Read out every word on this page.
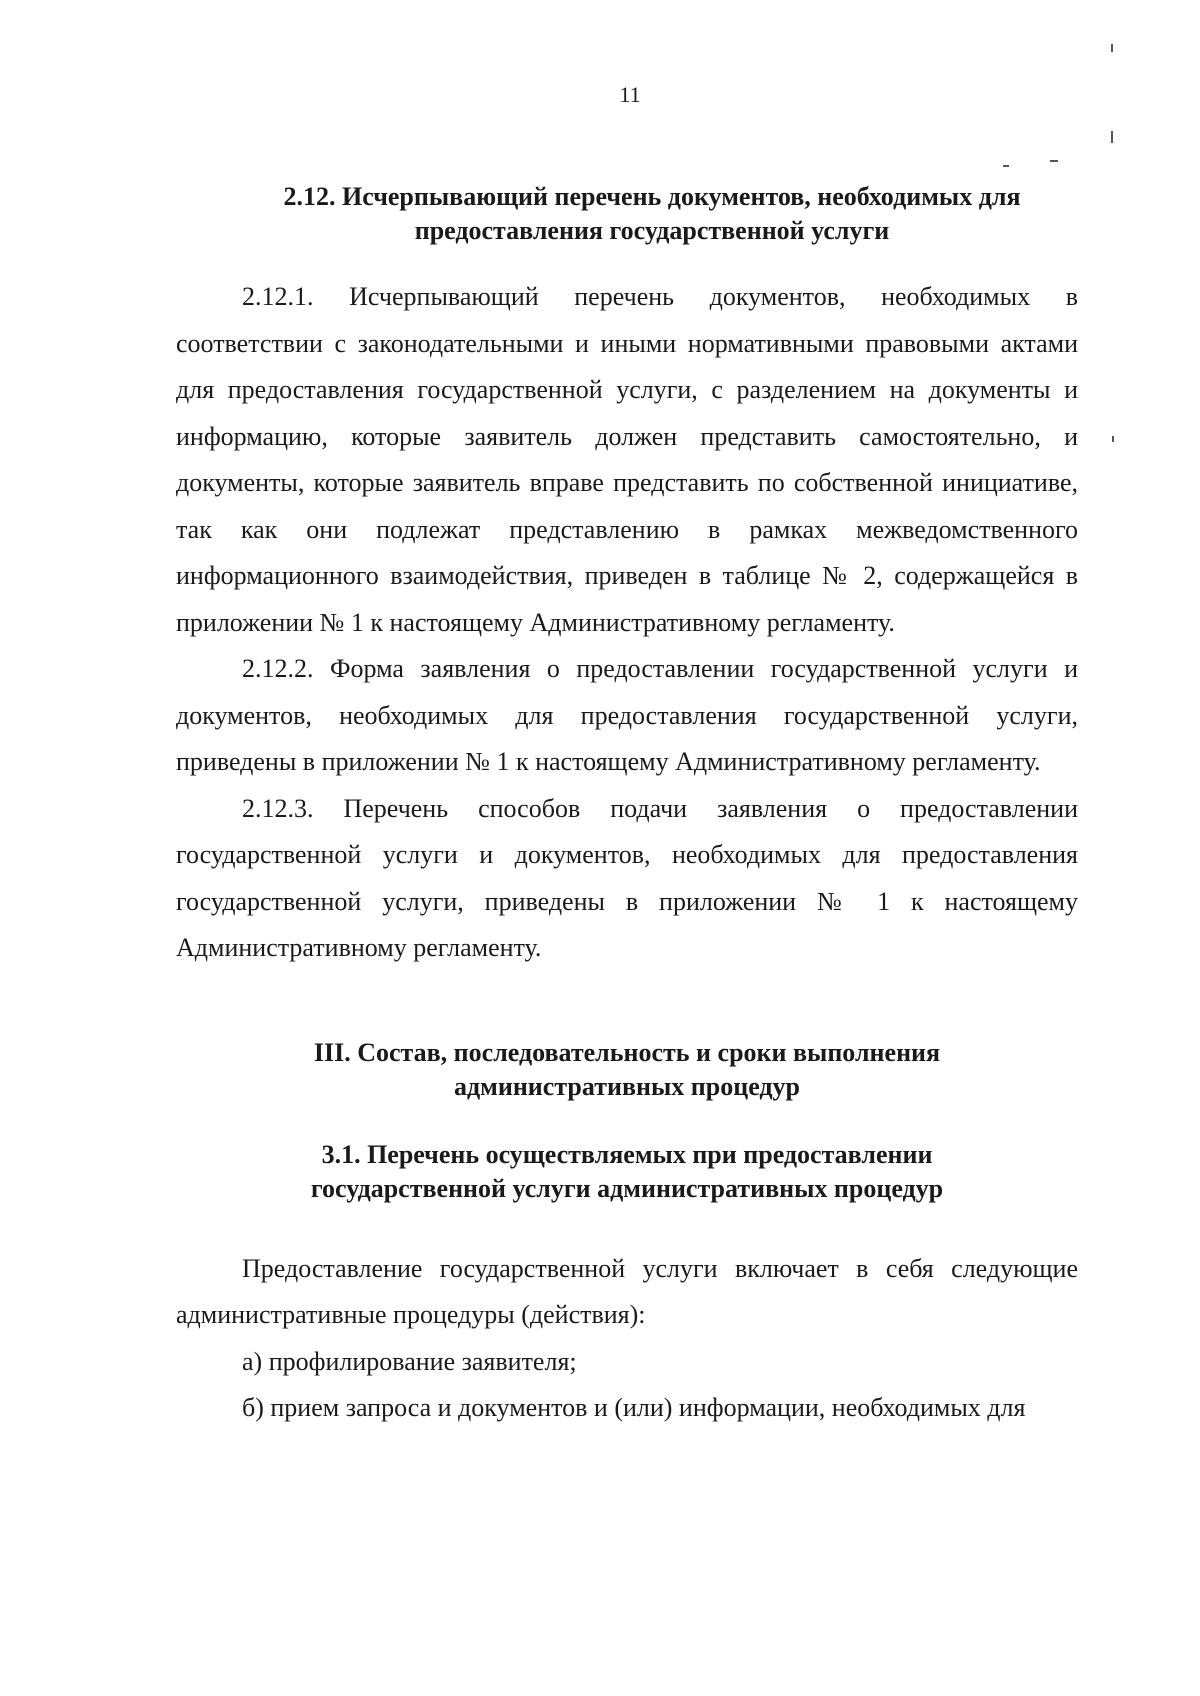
11
2.12. Исчерпывающий перечень документов, необходимых для
предоставления государственной услуги

2.12.1. Исчерпывающий перечень документов, необходимых в соответствии с законодательными и иными нормативными правовыми актами для предоставления государственной услуги, с разделением на документы и информацию, которые заявитель должен представить самостоятельно, и документы, которые заявитель вправе представить по собственной инициативе, так как они подлежат представлению в рамках межведомственного информационного взаимодействия, приведен в таблице № 2, содержащейся в приложении № 1 к настоящему Административному регламенту.

2.12.2. Форма заявления о предоставлении государственной услуги и документов, необходимых для предоставления государственной услуги, приведены в приложении № 1 к настоящему Административному регламенту.

2.12.3. Перечень способов подачи заявления о предоставлении государственной услуги и документов, необходимых для предоставления государственной услуги, приведены в приложении № 1 к настоящему Административному регламенту.

III. Состав, последовательность и сроки выполнения
административных процедур
3.1. Перечень осуществляемых при предоставлении
государственной услуги административных процедур

Предоставление государственной услуги включает в себя следующие административные процедуры (действия):

а) профилирование заявителя;

б) прием запроса и документов и (или) информации, необходимых для
